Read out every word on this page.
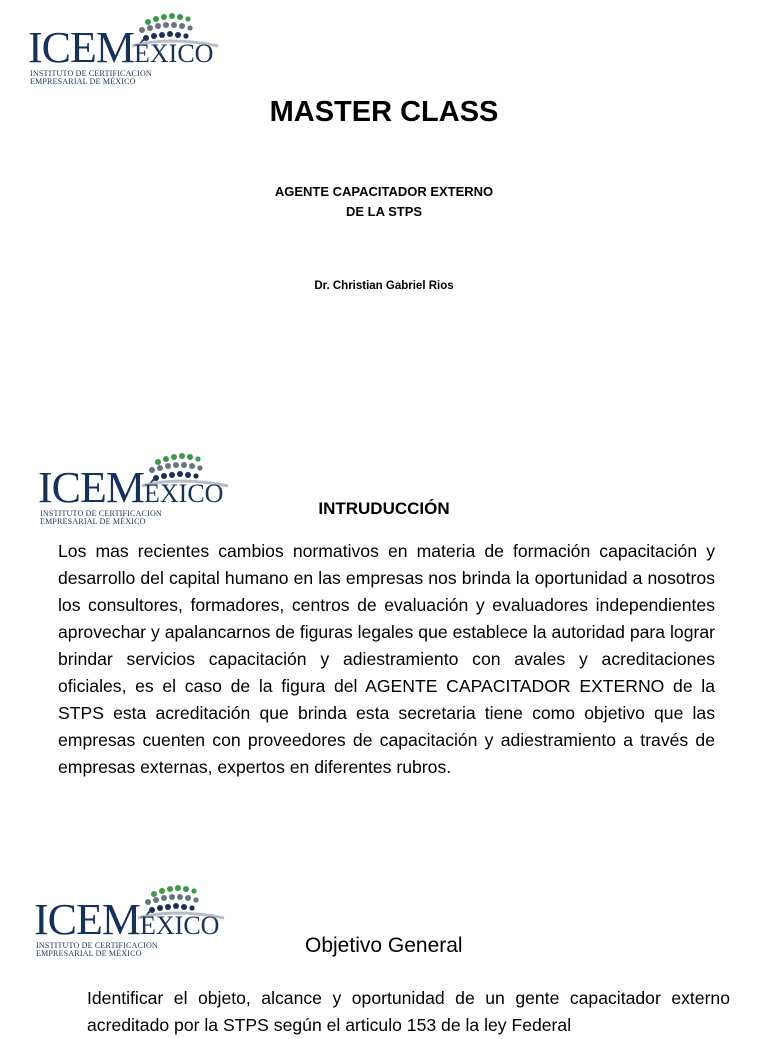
ICEMÉXICO
INSTITUTO DE CERTIFICACION
EMPRESARIAL DE MÉXICO
MASTER CLASS
AGENTE CAPACITADOR EXTERNO
DE LA STPS
Dr. Christian Gabriel Rios
ICEMÉXICO
INSTITUTO DE CERTIFICACION
EMPRESARIAL DE MÉXICO
INTRUDUCCIÓN
Los mas recientes cambios normativos en materia de formación capacitación y desarrollo del capital humano en las empresas nos brinda la oportunidad a nosotros los consultores, formadores, centros de evaluación y evaluadores independientes aprovechar y apalancarnos de figuras legales que establece la autoridad para lograr brindar servicios capacitación y adiestramiento con avales y acreditaciones oficiales, es el caso de la figura del AGENTE CAPACITADOR EXTERNO de la STPS esta acreditación que brinda esta secretaria tiene como objetivo que las empresas cuenten con proveedores de capacitación y adiestramiento a través de empresas externas, expertos en diferentes rubros.
ICEMÉXICO
INSTITUTO DE CERTIFICACION
EMPRESARIAL DE MÉXICO	Objetivo General
Identificar el objeto, alcance y oportunidad de un gente capacitador externo acreditado por la STPS según el articulo 153 de la ley Federal
